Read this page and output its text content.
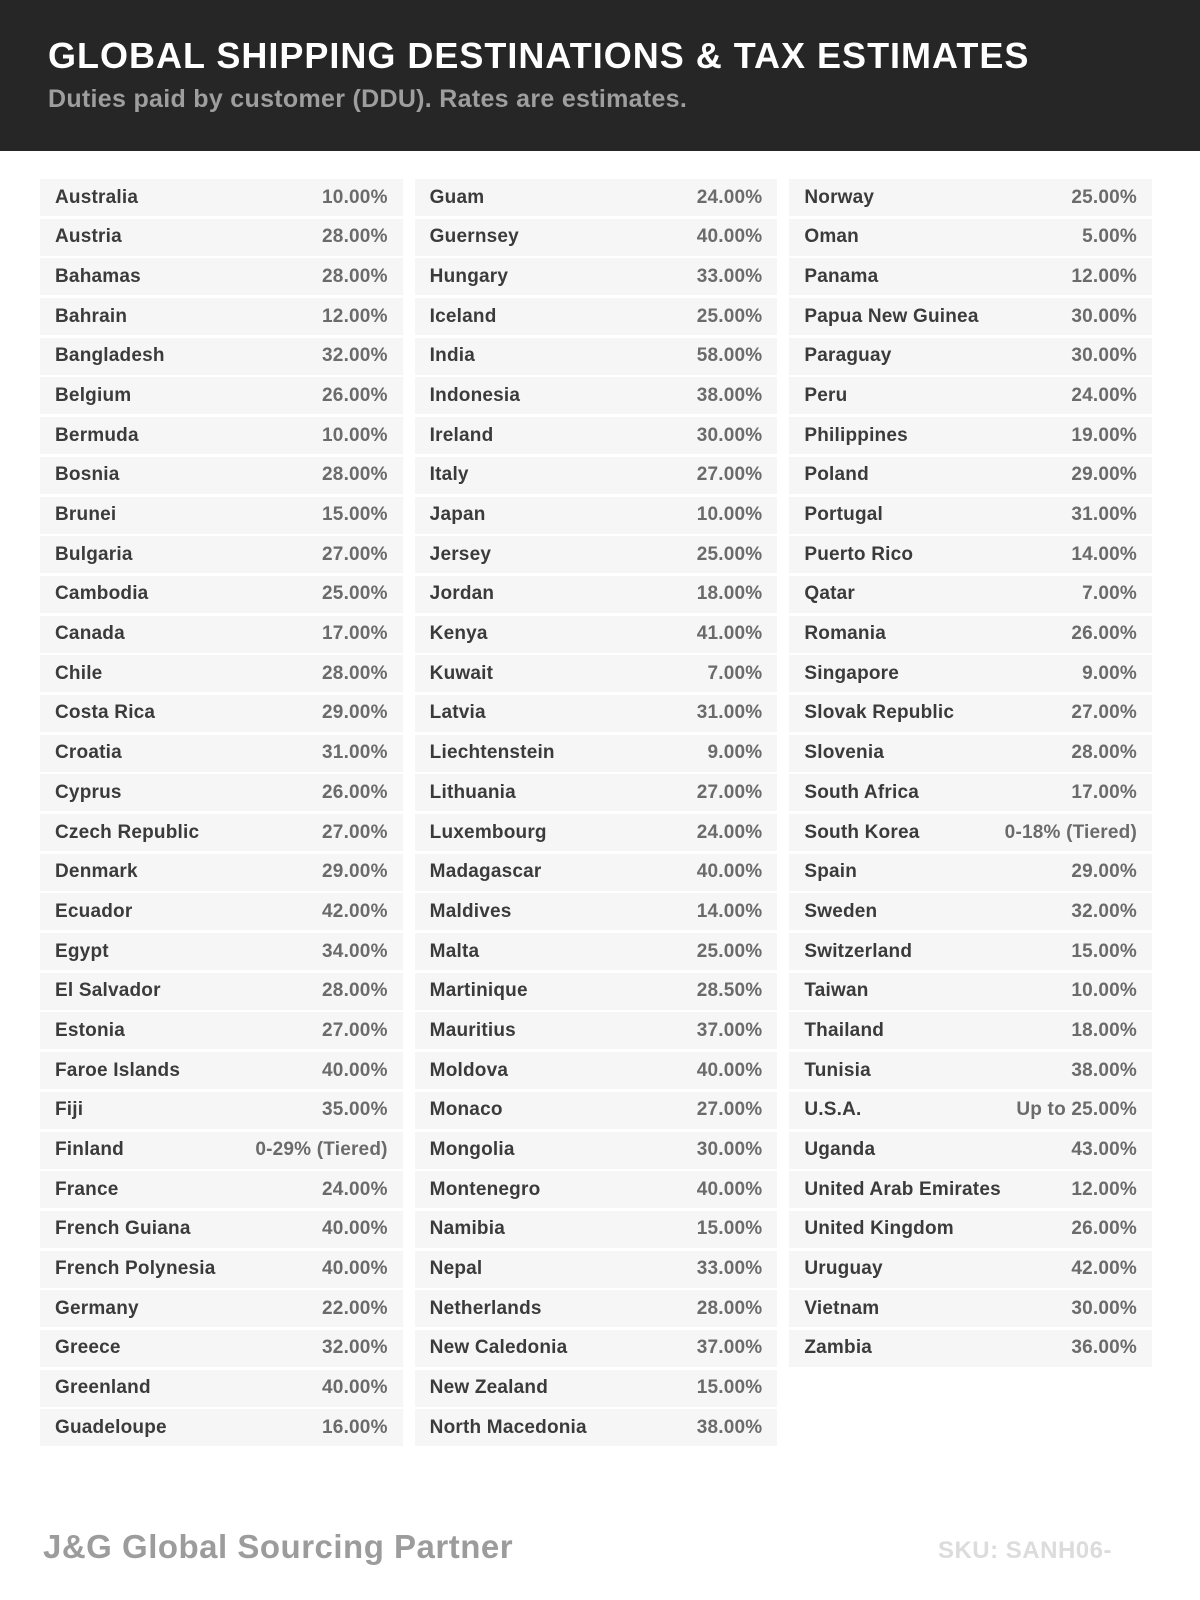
GLOBAL SHIPPING DESTINATIONS & TAX ESTIMATES
Duties paid by customer (DDU). Rates are estimates.
Australia	10.00%
Austria	28.00%
Bahamas	28.00%
Bahrain	12.00%
Bangladesh	32.00%
Belgium	26.00%
Bermuda	10.00%
Bosnia	28.00%
Brunei	15.00%
Bulgaria	27.00%
Cambodia	25.00%
Canada	17.00%
Chile	28.00%
Costa Rica	29.00%
Croatia	31.00%
Cyprus	26.00%
Czech Republic	27.00%
Denmark	29.00%
Ecuador	42.00%
Egypt	34.00%
El Salvador	28.00%
Estonia	27.00%
Faroe Islands	40.00%
Fiji	35.00%
Finland	0-29% (Tiered)
France	24.00%
French Guiana	40.00%
French Polynesia	40.00%
Germany	22.00%
Greece	32.00%
Greenland	40.00%
Guadeloupe	16.00%
Guam	24.00%
Guernsey	40.00%
Hungary	33.00%
Iceland	25.00%
India	58.00%
Indonesia	38.00%
Ireland	30.00%
Italy	27.00%
Japan	10.00%
Jersey	25.00%
Jordan	18.00%
Kenya	41.00%
Kuwait	7.00%
Latvia	31.00%
Liechtenstein	9.00%
Lithuania	27.00%
Luxembourg	24.00%
Madagascar	40.00%
Maldives	14.00%
Malta	25.00%
Martinique	28.50%
Mauritius	37.00%
Moldova	40.00%
Monaco	27.00%
Mongolia	30.00%
Montenegro	40.00%
Namibia	15.00%
Nepal	33.00%
Netherlands	28.00%
New Caledonia	37.00%
New Zealand	15.00%
North Macedonia	38.00%
Norway	25.00%
Oman	5.00%
Panama	12.00%
Papua New Guinea	30.00%
Paraguay	30.00%
Peru	24.00%
Philippines	19.00%
Poland	29.00%
Portugal	31.00%
Puerto Rico	14.00%
Qatar	7.00%
Romania	26.00%
Singapore	9.00%
Slovak Republic	27.00%
Slovenia	28.00%
South Africa	17.00%
South Korea	0-18% (Tiered)
Spain	29.00%
Sweden	32.00%
Switzerland	15.00%
Taiwan	10.00%
Thailand	18.00%
Tunisia	38.00%
U.S.A.	Up to 25.00%
Uganda	43.00%
United Arab Emirates	12.00%
United Kingdom	26.00%
Uruguay	42.00%
Vietnam	30.00%
Zambia	36.00%
J&G Global Sourcing Partner	SKU: SANH06-
